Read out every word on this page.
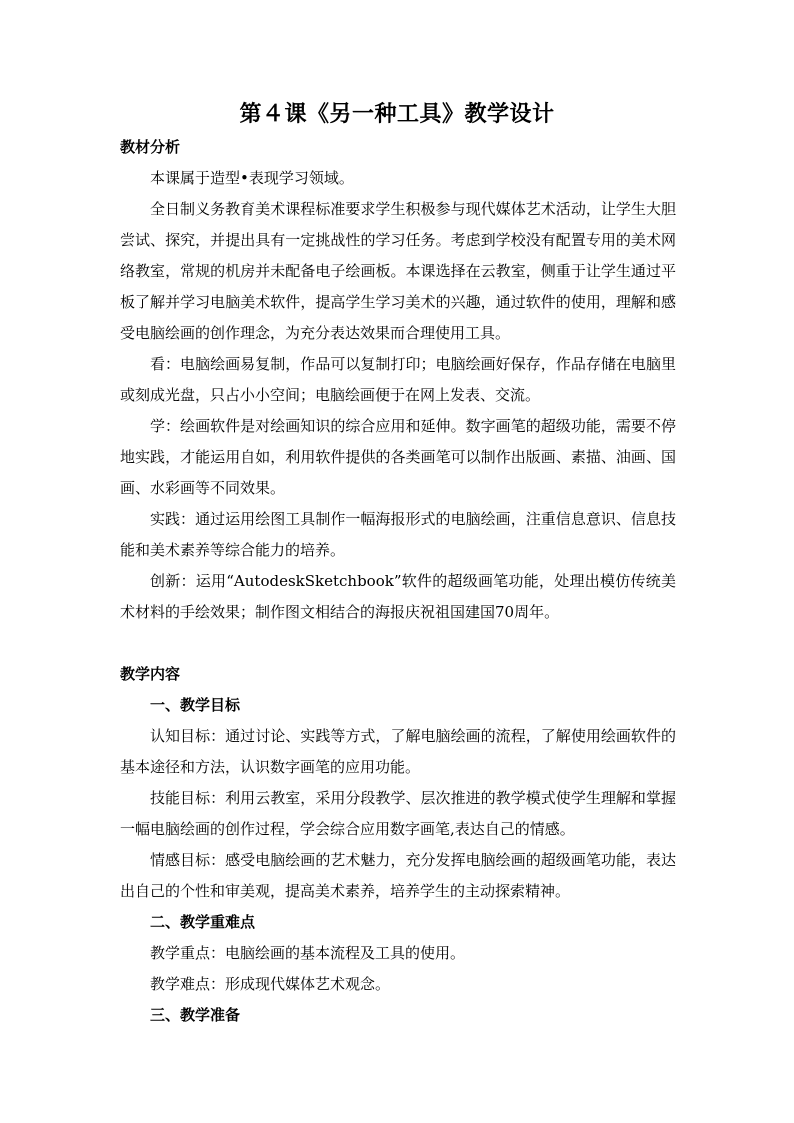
第４课《另一种工具》教学设计
教材分析

本课属于造型•表现学习领域。

全日制义务教育美术课程标准要求学生积极参与现代媒体艺术活动，让学生大胆尝试、探究，并提出具有一定挑战性的学习任务。考虑到学校没有配置专用的美术网络教室，常规的机房并未配备电子绘画板。本课选择在云教室，侧重于让学生通过平板了解并学习电脑美术软件，提高学生学习美术的兴趣，通过软件的使用，理解和感受电脑绘画的创作理念，为充分表达效果而合理使用工具。

看：电脑绘画易复制，作品可以复制打印；电脑绘画好保存，作品存储在电脑里或刻成光盘，只占小小空间；电脑绘画便于在网上发表、交流。

学：绘画软件是对绘画知识的综合应用和延伸。数字画笔的超级功能，需要不停地实践，才能运用自如，利用软件提供的各类画笔可以制作出版画、素描、油画、国画、水彩画等不同效果。

实践：通过运用绘图工具制作一幅海报形式的电脑绘画，注重信息意识、信息技能和美术素养等综合能力的培养。

创新：运用“AutodeskSketchbook”软件的超级画笔功能，处理出模仿传统美术材料的手绘效果；制作图文相结合的海报庆祝祖国建国70周年。

教学内容

一、教学目标

认知目标：通过讨论、实践等方式，了解电脑绘画的流程，了解使用绘画软件的基本途径和方法，认识数字画笔的应用功能。

技能目标：利用云教室，采用分段教学、层次推进的教学模式使学生理解和掌握一幅电脑绘画的创作过程，学会综合应用数字画笔,表达自己的情感。

情感目标：感受电脑绘画的艺术魅力，充分发挥电脑绘画的超级画笔功能，表达出自己的个性和审美观，提高美术素养，培养学生的主动探索精神。

二、教学重难点

教学重点：电脑绘画的基本流程及工具的使用。

教学难点：形成现代媒体艺术观念。

三、教学准备
